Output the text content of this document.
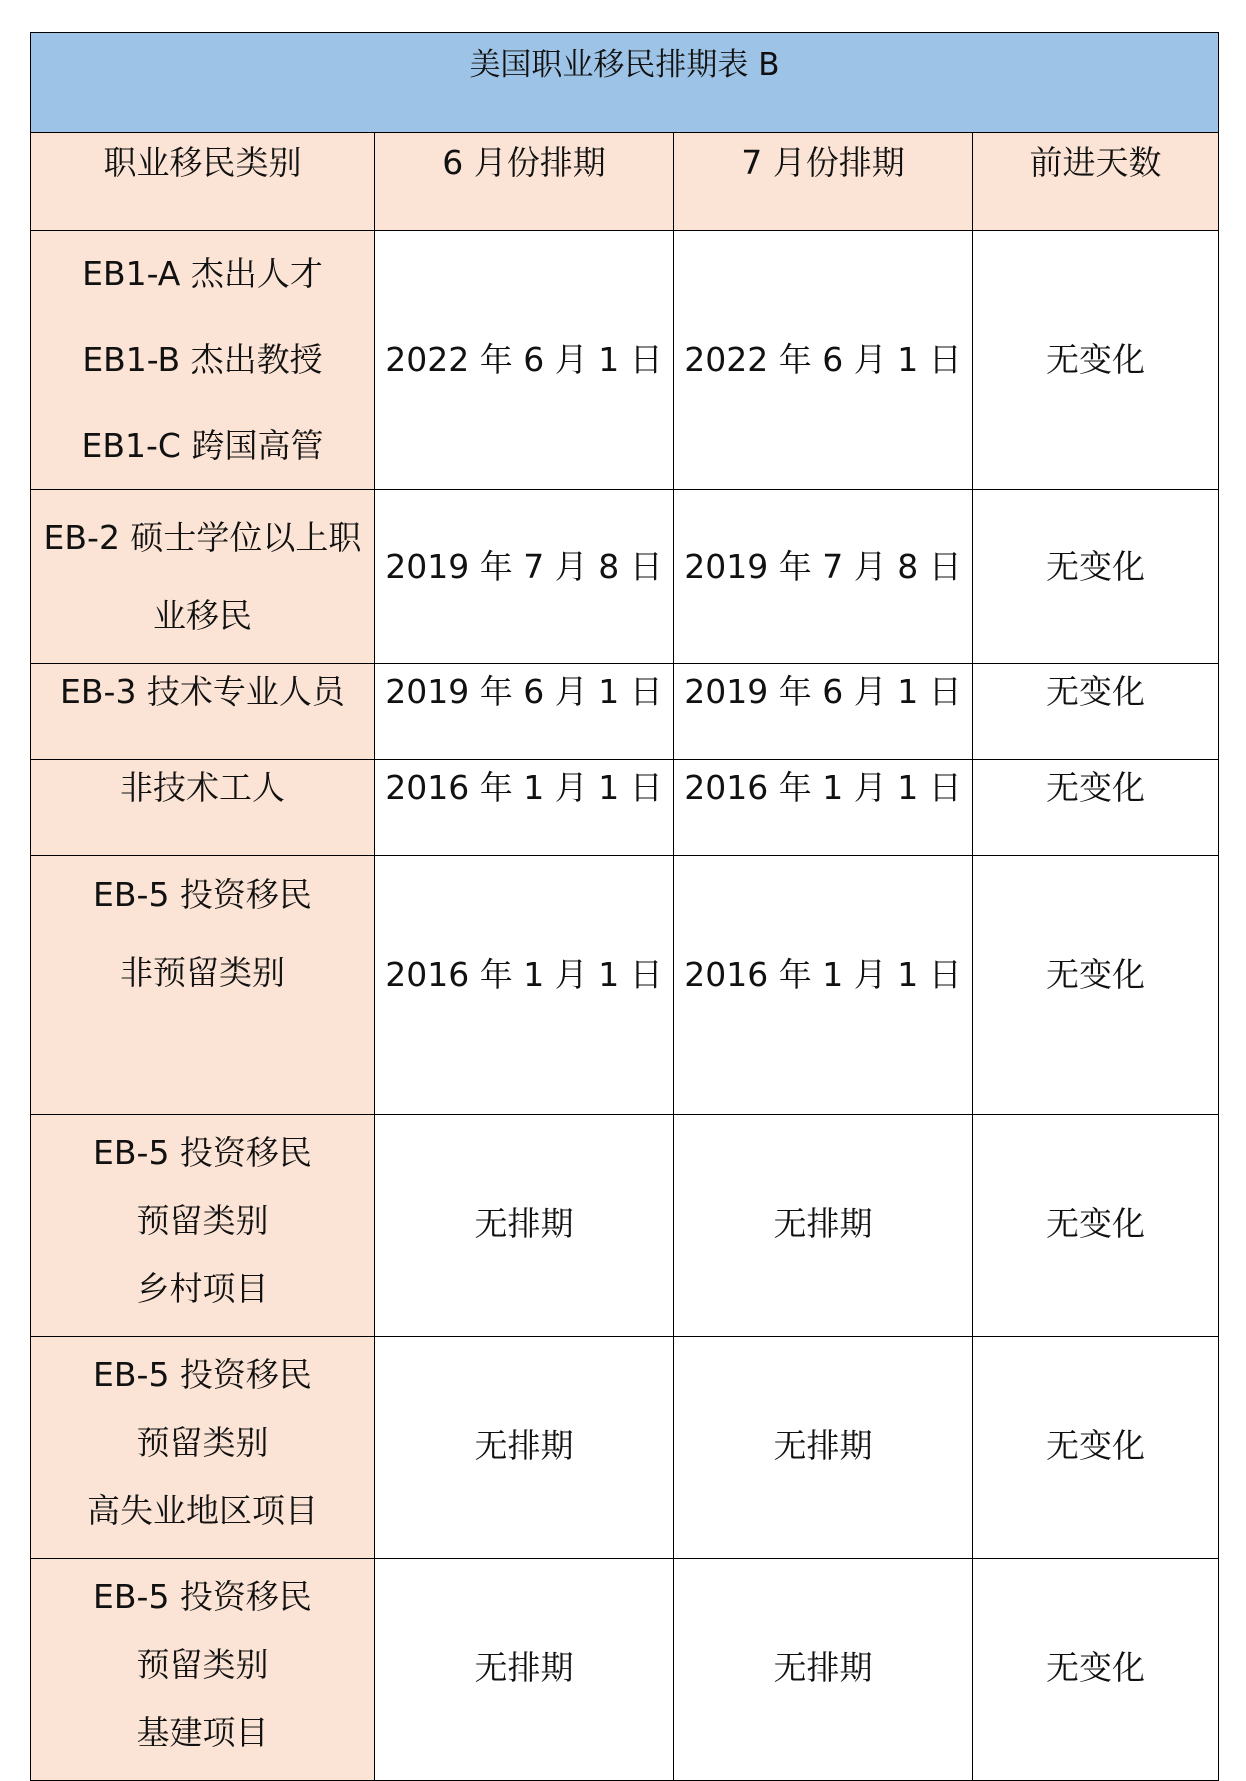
美国职业移民排期表 B			
职业移民类别	6 月份排期	7 月份排期	前进天数

EB1-A 杰出人才
EB1-B 杰出教授
EB1-C 跨国高管	2022 年 6 月 1 日	2022 年 6 月 1 日	无变化

EB-2 硕士学位以上职
业移民	2019 年 7 月 8 日	2019 年 7 月 8 日	无变化

EB-3 技术专业人员	2019 年 6 月 1 日	2019 年 6 月 1 日	无变化

非技术工人	2016 年 1 月 1 日	2016 年 1 月 1 日	无变化

EB-5 投资移民
非预留类别	2016 年 1 月 1 日	2016 年 1 月 1 日	无变化

EB-5 投资移民
预留类别
乡村项目	无排期	无排期	无变化

EB-5 投资移民
预留类别
高失业地区项目	无排期	无排期	无变化

EB-5 投资移民
预留类别
基建项目	无排期	无排期	无变化
